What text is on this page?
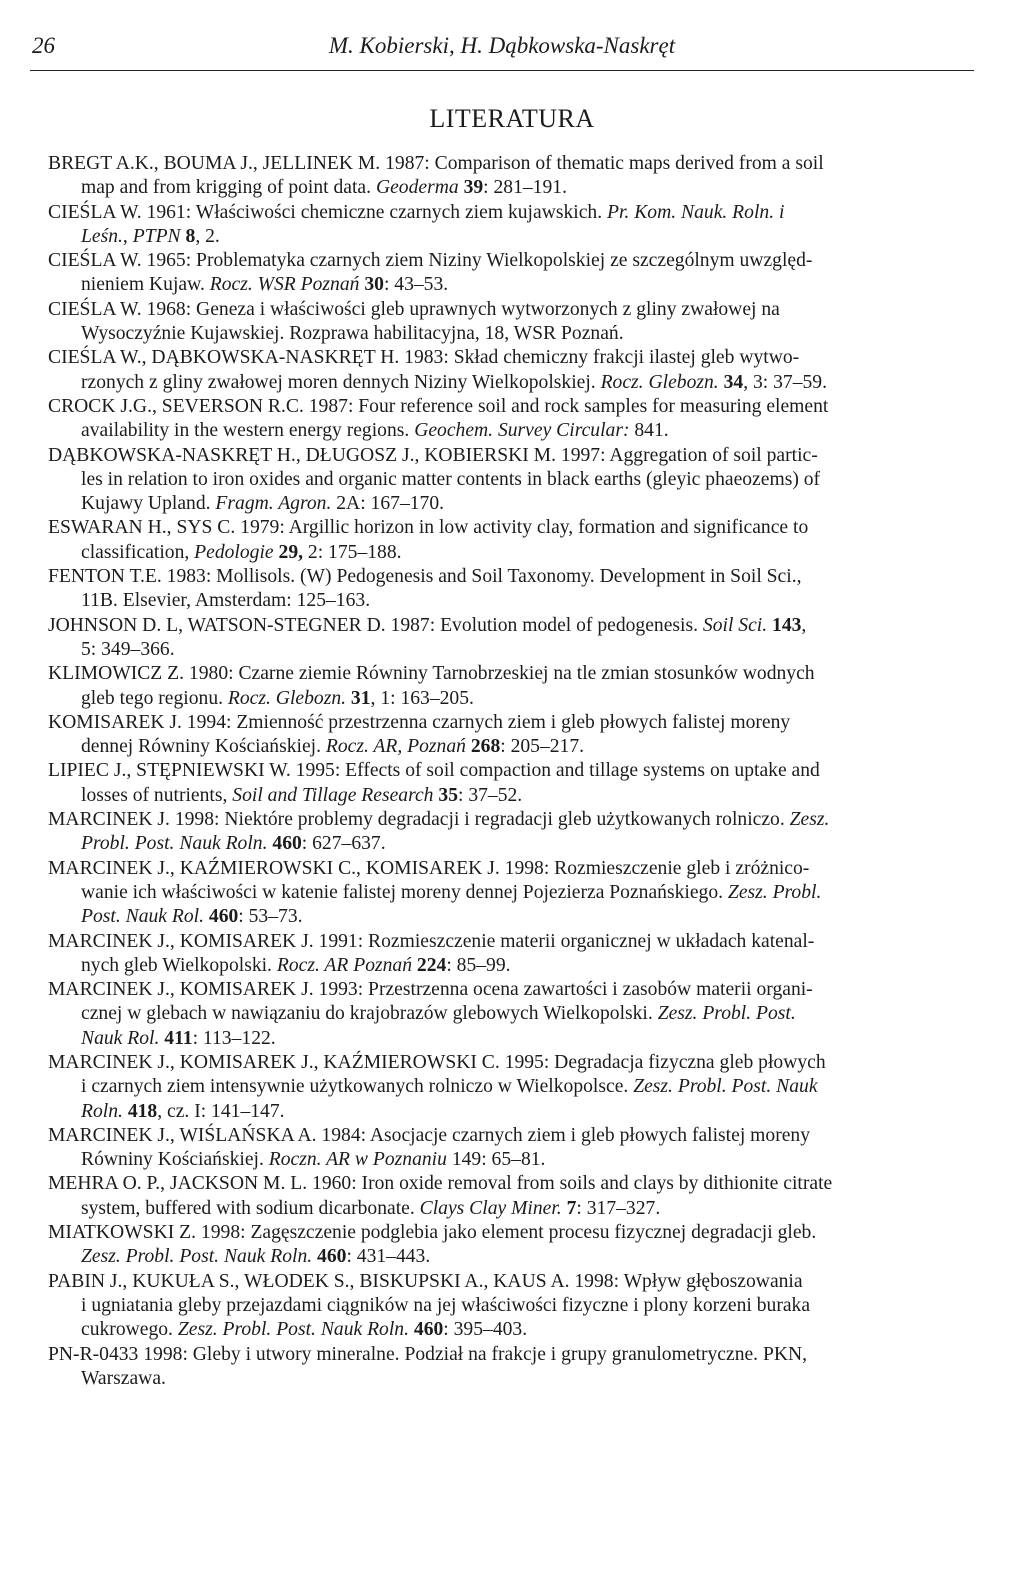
26	M. Kobierski, H. Dąbkowska-Naskręt
LITERATURA

BREGT A.K., BOUMA J., JELLINEK M. 1987: Comparison of thematic maps derived from a soil
map and from krigging of point data. Geoderma 39: 281–191.

CIEŚLA W. 1961: Właściwości chemiczne czarnych ziem kujawskich. Pr. Kom. Nauk. Roln. i
Leśn., PTPN 8, 2.

CIEŚLA W. 1965: Problematyka czarnych ziem Niziny Wielkopolskiej ze szczególnym uwzględ-
nieniem Kujaw. Rocz. WSR Poznań 30: 43–53.

CIEŚLA W. 1968: Geneza i właściwości gleb uprawnych wytworzonych z gliny zwałowej na
Wysoczyźnie Kujawskiej. Rozprawa habilitacyjna, 18, WSR Poznań.

CIEŚLA W., DĄBKOWSKA-NASKRĘT H. 1983: Skład chemiczny frakcji ilastej gleb wytwo-
rzonych z gliny zwałowej moren dennych Niziny Wielkopolskiej. Rocz. Glebozn. 34, 3: 37–59.

CROCK J.G., SEVERSON R.C. 1987: Four reference soil and rock samples for measuring element
availability in the western energy regions. Geochem. Survey Circular: 841.

DĄBKOWSKA-NASKRĘT H., DŁUGOSZ J., KOBIERSKI M. 1997: Aggregation of soil partic-
les in relation to iron oxides and organic matter contents in black earths (gleyic phaeozems) of
Kujawy Upland. Fragm. Agron. 2A: 167–170.

ESWARAN H., SYS C. 1979: Argillic horizon in low activity clay, formation and significance to
classification, Pedologie 29, 2: 175–188.

FENTON T.E. 1983: Mollisols. (W) Pedogenesis and Soil Taxonomy. Development in Soil Sci.,
11B. Elsevier, Amsterdam: 125–163.

JOHNSON D. L, WATSON-STEGNER D. 1987: Evolution model of pedogenesis. Soil Sci. 143,
5: 349–366.

KLIMOWICZ Z. 1980: Czarne ziemie Równiny Tarnobrzeskiej na tle zmian stosunków wodnych
gleb tego regionu. Rocz. Glebozn. 31, 1: 163–205.

KOMISAREK J. 1994: Zmienność przestrzenna czarnych ziem i gleb płowych falistej moreny
dennej Równiny Kościańskiej. Rocz. AR, Poznań 268: 205–217.

LIPIEC J., STĘPNIEWSKI W. 1995: Effects of soil compaction and tillage systems on uptake and
losses of nutrients, Soil and Tillage Research 35: 37–52.

MARCINEK J. 1998: Niektóre problemy degradacji i regradacji gleb użytkowanych rolniczo. Zesz.
Probl. Post. Nauk Roln. 460: 627–637.

MARCINEK J., KAŹMIEROWSKI C., KOMISAREK J. 1998: Rozmieszczenie gleb i zróżnico-
wanie ich właściwości w katenie falistej moreny dennej Pojezierza Poznańskiego. Zesz. Probl.
Post. Nauk Rol. 460: 53–73.

MARCINEK J., KOMISAREK J. 1991: Rozmieszczenie materii organicznej w układach katenal-
nych gleb Wielkopolski. Rocz. AR Poznań 224: 85–99.

MARCINEK J., KOMISAREK J. 1993: Przestrzenna ocena zawartości i zasobów materii organi-
cznej w glebach w nawiązaniu do krajobrazów glebowych Wielkopolski. Zesz. Probl. Post.
Nauk Rol. 411: 113–122.

MARCINEK J., KOMISAREK J., KAŹMIEROWSKI C. 1995: Degradacja fizyczna gleb płowych
i czarnych ziem intensywnie użytkowanych rolniczo w Wielkopolsce. Zesz. Probl. Post. Nauk
Roln. 418, cz. I: 141–147.

MARCINEK J., WIŚLAŃSKA A. 1984: Asocjacje czarnych ziem i gleb płowych falistej moreny
Równiny Kościańskiej. Roczn. AR w Poznaniu 149: 65–81.

MEHRA O. P., JACKSON M. L. 1960: Iron oxide removal from soils and clays by dithionite citrate
system, buffered with sodium dicarbonate. Clays Clay Miner. 7: 317–327.

MIATKOWSKI Z. 1998: Zagęszczenie podglebia jako element procesu fizycznej degradacji gleb.
Zesz. Probl. Post. Nauk Roln. 460: 431–443.

PABIN J., KUKUŁA S., WŁODEK S., BISKUPSKI A., KAUS A. 1998: Wpływ głęboszowania
i ugniatania gleby przejazdami ciągników na jej właściwości fizyczne i plony korzeni buraka
cukrowego. Zesz. Probl. Post. Nauk Roln. 460: 395–403.

PN-R-0433 1998: Gleby i utwory mineralne. Podział na frakcje i grupy granulometryczne. PKN,
Warszawa.
